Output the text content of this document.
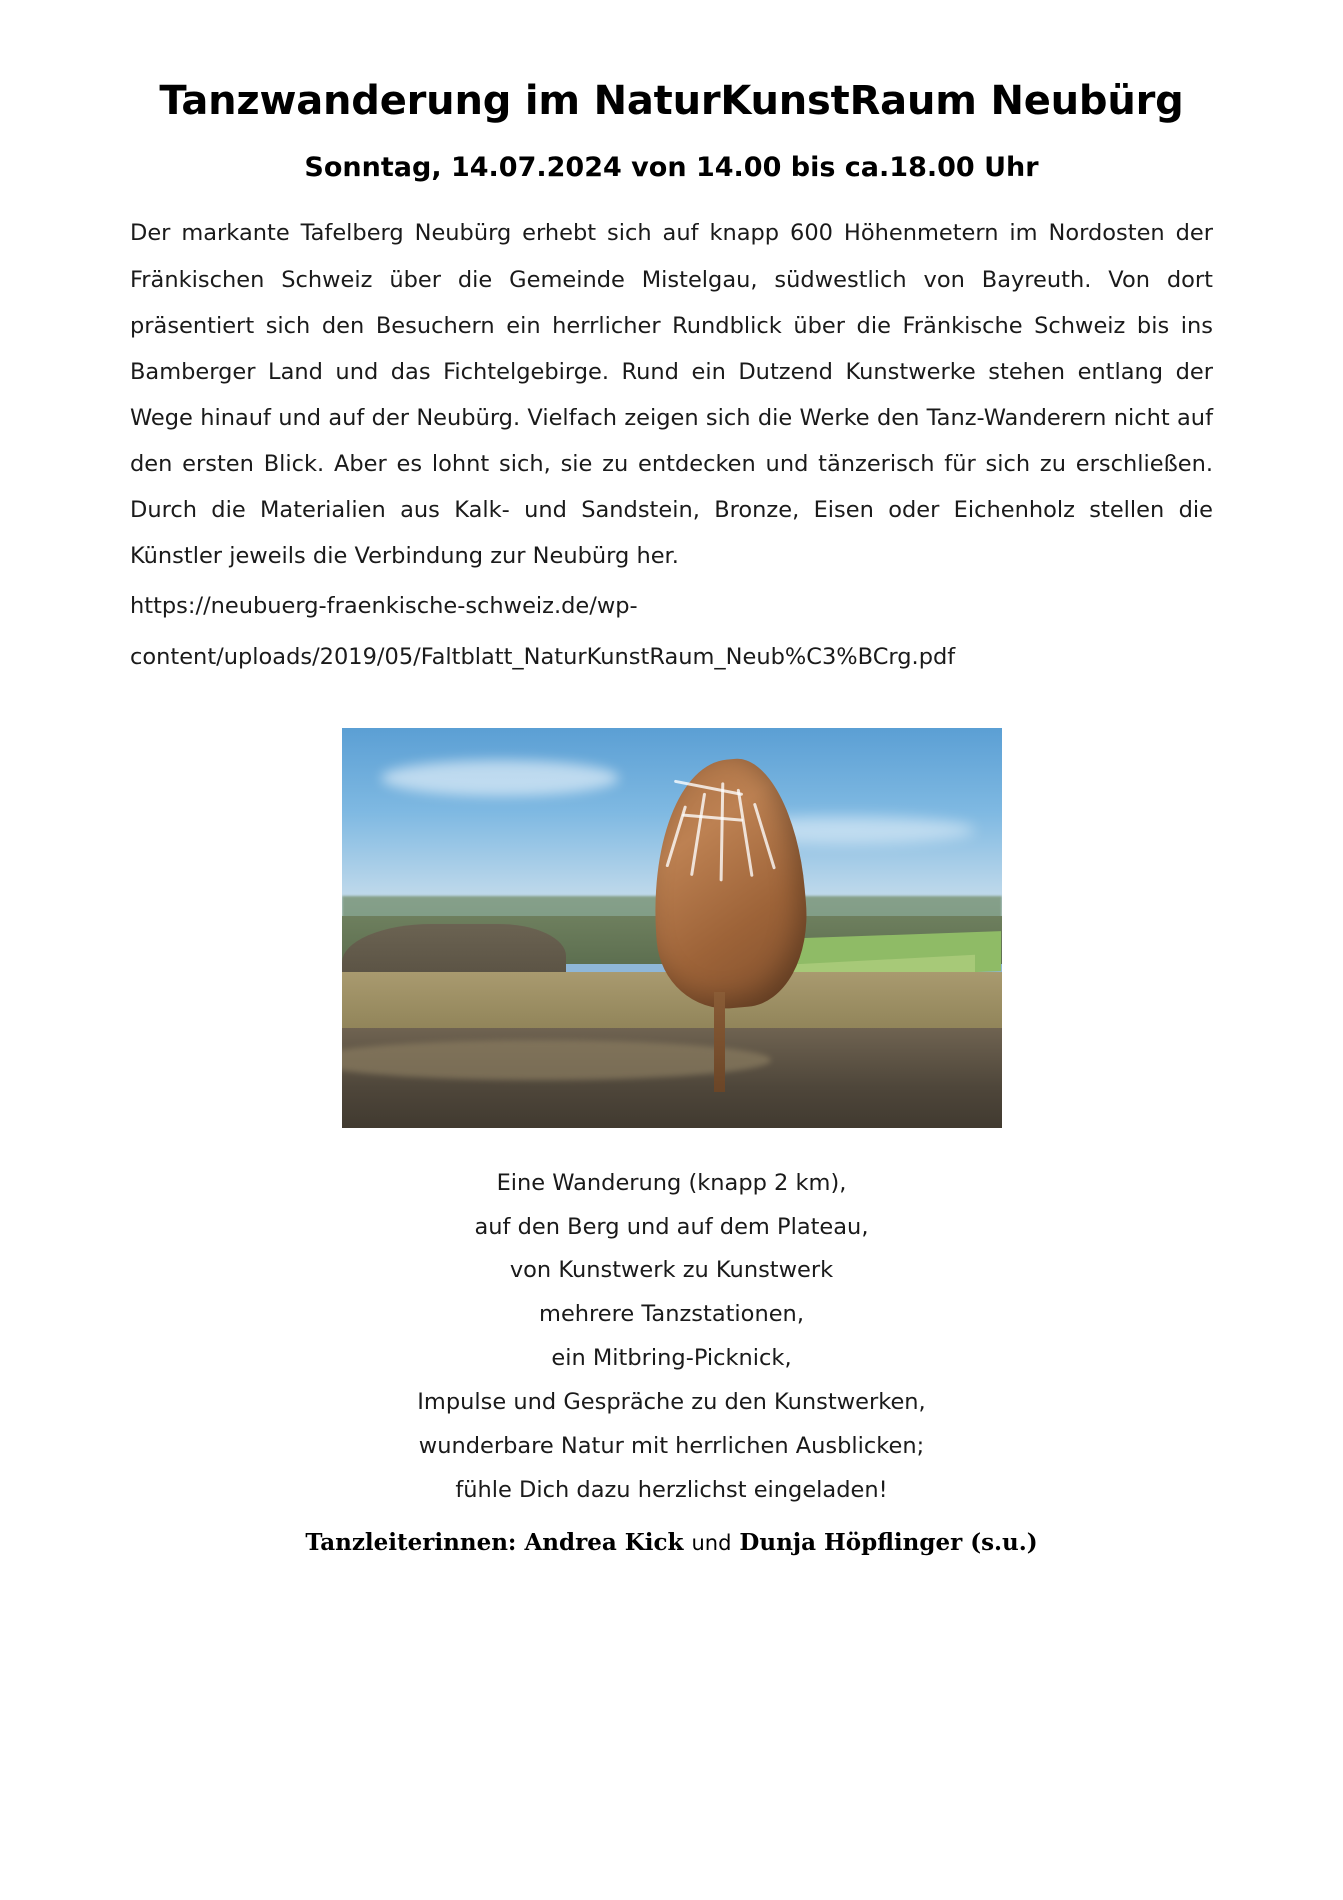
Tanzwanderung im NaturKunstRaum Neubürg
Sonntag, 14.07.2024 von 14.00 bis ca.18.00 Uhr

Der markante Tafelberg Neubürg erhebt sich auf knapp 600 Höhenmetern im Nordosten der Fränkischen Schweiz über die Gemeinde Mistelgau, südwestlich von Bayreuth. Von dort präsentiert sich den Besuchern ein herrlicher Rundblick über die Fränkische Schweiz bis ins Bamberger Land und das Fichtelgebirge. Rund ein Dutzend Kunstwerke stehen entlang der Wege hinauf und auf der Neubürg. Vielfach zeigen sich die Werke den Tanz-Wanderern nicht auf den ersten Blick. Aber es lohnt sich, sie zu entdecken und tänzerisch für sich zu erschließen. Durch die Materialien aus Kalk- und Sandstein, Bronze, Eisen oder Eichenholz stellen die Künstler jeweils die Verbindung zur Neubürg her.

https://neubuerg-fraenkische-schweiz.de/wp-

content/uploads/2019/05/Faltblatt_NaturKunstRaum_Neub%C3%BCrg.pdf

Eine Wanderung (knapp 2 km),
auf den Berg und auf dem Plateau,
von Kunstwerk zu Kunstwerk
mehrere Tanzstationen,
ein Mitbring-Picknick,
Impulse und Gespräche zu den Kunstwerken,
wunderbare Natur mit herrlichen Ausblicken;
fühle Dich dazu herzlichst eingeladen!
Tanzleiterinnen: Andrea Kick und Dunja Höpflinger (s.u.)
